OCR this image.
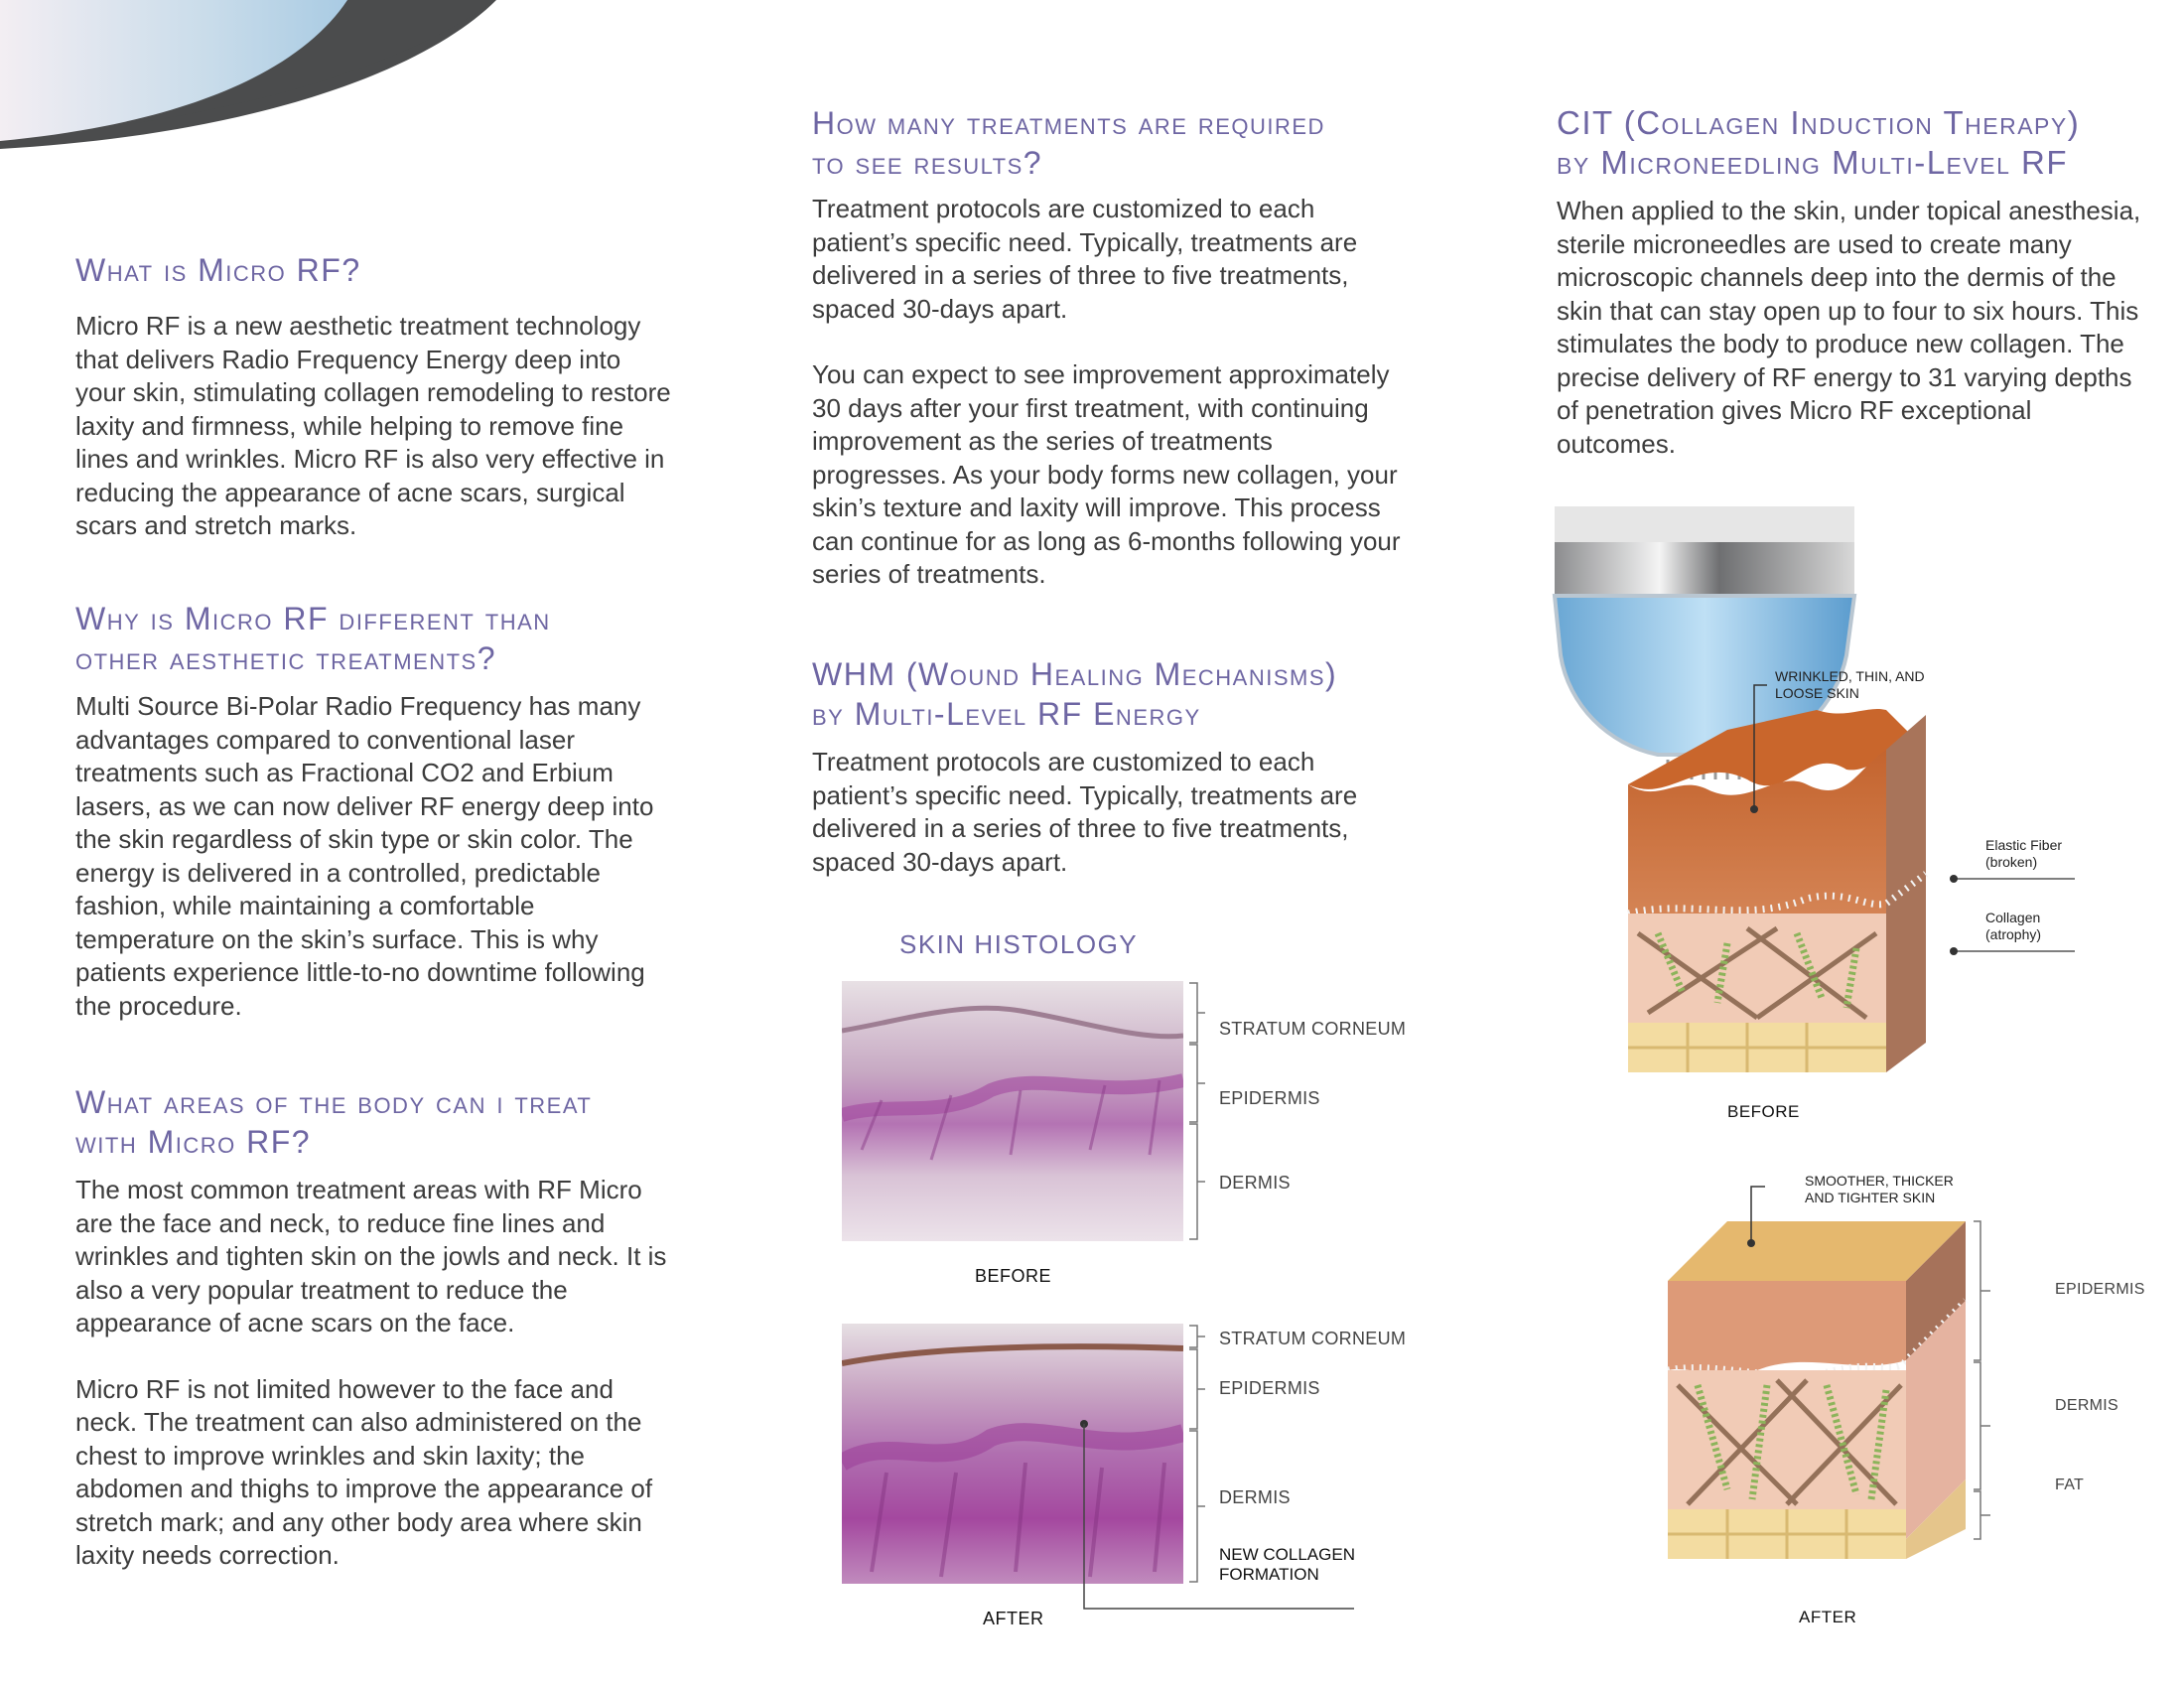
What is Micro RF?

Micro RF is a new aesthetic treatment technology that delivers Radio Frequency Energy deep into your skin, stimulating collagen remodeling to restore laxity and firmness, while helping to remove fine lines and wrinkles. Micro RF is also very effective in reducing the appearance of acne scars, surgical scars and stretch marks.

Why is Micro RF different than
other aesthetic treatments?

Multi Source Bi-Polar Radio Frequency has many advantages compared to conventional laser treatments such as Fractional CO2 and Erbium lasers, as we can now deliver RF energy deep into the skin regardless of skin type or skin color. The energy is delivered in a controlled, predictable fashion, while maintaining a comfortable temperature on the skin’s surface. This is why patients experience little-to-no downtime following the procedure.

What areas of the body can i treat
with Micro RF?

The most common treatment areas with RF Micro are the face and neck, to reduce fine lines and wrinkles and tighten skin on the jowls and neck. It is also a very popular treatment to reduce the appearance of acne scars on the face.

Micro RF is not limited however to the face and neck. The treatment can also administered on the chest to improve wrinkles and skin laxity; the abdomen and thighs to improve the appearance of stretch mark; and any other body area where skin laxity needs correction.

How many treatments are required
to see results?

Treatment protocols are customized to each patient’s specific need. Typically, treatments are delivered in a series of three to five treatments, spaced 30-days apart.

You can expect to see improvement approximately 30 days after your first treatment, with continuing improvement as the series of treatments progresses. As your body forms new collagen, your skin’s texture and laxity will improve. This process can continue for as long as 6-months following your series of treatments.

WHM (Wound Healing Mechanisms)
by Multi-Level RF Energy

Treatment protocols are customized to each patient’s specific need. Typically, treatments are delivered in a series of three to five treatments, spaced 30-days apart.

SKIN HISTOLOGY
STRATUM CORNEUM
EPIDERMIS
DERMIS
BEFORE
STRATUM CORNEUM
EPIDERMIS
DERMIS
NEW COLLAGEN
FORMATION
AFTER
CIT (Collagen Induction Therapy)
by Microneedling Multi-Level RF

When applied to the skin, under topical anesthesia, sterile microneedles are used to create many microscopic channels deep into the dermis of the skin that can stay open up to four to six hours. This stimulates the body to produce new collagen. The precise delivery of RF energy to 31 varying depths of penetration gives Micro RF exceptional outcomes.

WRINKLED, THIN, AND
LOOSE SKIN
Elastic Fiber
(broken)
Collagen
(atrophy)
BEFORE
SMOOTHER, THICKER
AND TIGHTER SKIN
EPIDERMIS
DERMIS
FAT
AFTER
